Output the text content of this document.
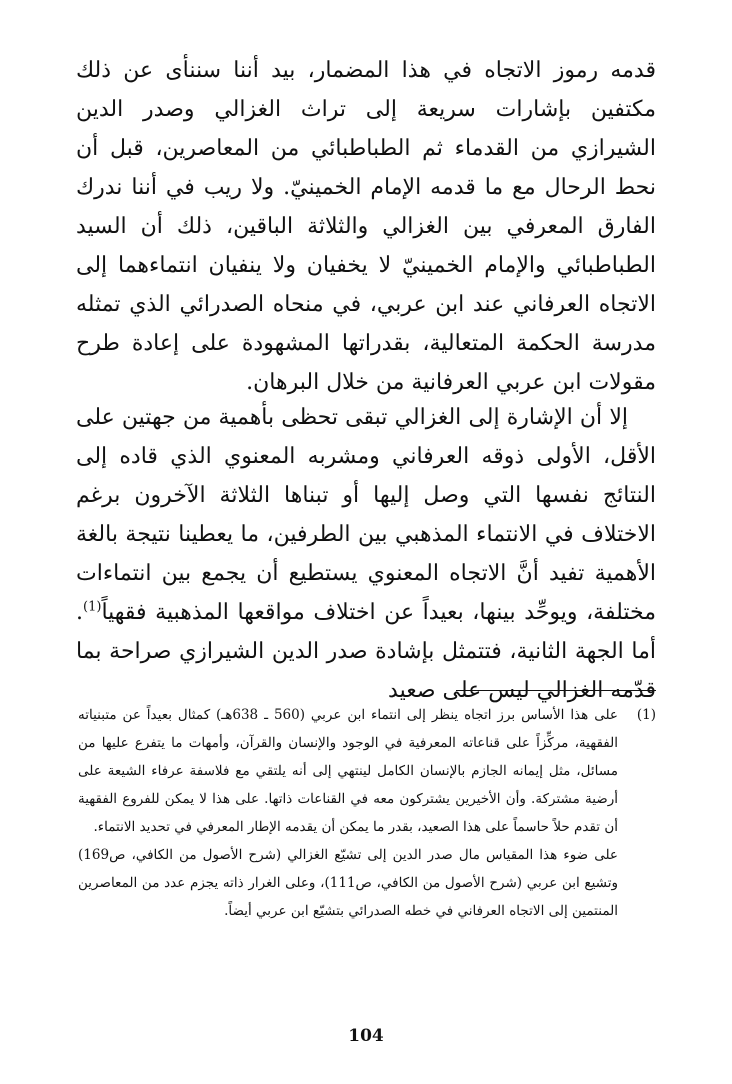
قدمه رموز الاتجاه في هذا المضمار، بيد أننا سننأى عن ذلك مكتفين بإشارات سريعة إلى تراث الغزالي وصدر الدين الشيرازي من القدماء ثم الطباطبائي من المعاصرين، قبل أن نحط الرحال مع ما قدمه الإمام الخمينيّ. ولا ريب في أننا ندرك الفارق المعرفي بين الغزالي والثلاثة الباقين، ذلك أن السيد الطباطبائي والإمام الخمينيّ لا يخفيان ولا ينفيان انتماءهما إلى الاتجاه العرفاني عند ابن عربي، في منحاه الصدرائي الذي تمثله مدرسة الحكمة المتعالية، بقدراتها المشهودة على إعادة طرح مقولات ابن عربي العرفانية من خلال البرهان.

إلا أن الإشارة إلى الغزالي تبقى تحظى بأهمية من جهتين على الأقل، الأولى ذوقه العرفاني ومشربه المعنوي الذي قاده إلى النتائج نفسها التي وصل إليها أو تبناها الثلاثة الآخرون برغم الاختلاف في الانتماء المذهبي بين الطرفين، ما يعطينا نتيجة بالغة الأهمية تفيد أنَّ الاتجاه المعنوي يستطيع أن يجمع بين انتماءات مختلفة، ويوحِّد بينها، بعيداً عن اختلاف مواقعها المذهبية فقهياً$^{(1)}$. أما الجهة الثانية، فتتمثل بإشادة صدر الدين الشيرازي صراحة بما قدّمه الغزالي ليس على صعيد

(1)

على هذا الأساس برز اتجاه ينظر إلى انتماء ابن عربي (560 ـ 638هـ) كمثال بعيداً عن متبنياته الفقهية، مركِّزاً على قناعاته المعرفية في الوجود والإنسان والقرآن، وأمهات ما يتفرع عليها من مسائل، مثل إيمانه الجازم بالإنسان الكامل لينتهي إلى أنه يلتقي مع فلاسفة عرفاء الشيعة على أرضية مشتركة. وأن الأخيرين يشتركون معه في القناعات ذاتها. على هذا لا يمكن للفروع الفقهية أن تقدم حلاً حاسماً على هذا الصعيد، بقدر ما يمكن أن يقدمه الإطار المعرفي في تحديد الانتماء.

على ضوء هذا المقياس مال صدر الدين إلى تشيّع الغزالي (شرح الأصول من الكافي، ص169) وتشيع ابن عربي (شرح الأصول من الكافي، ص111)، وعلى الغرار ذاته يجزم عدد من المعاصرين المنتمين إلى الاتجاه العرفاني في خطه الصدرائي بتشيّع ابن عربي أيضاً.

104
